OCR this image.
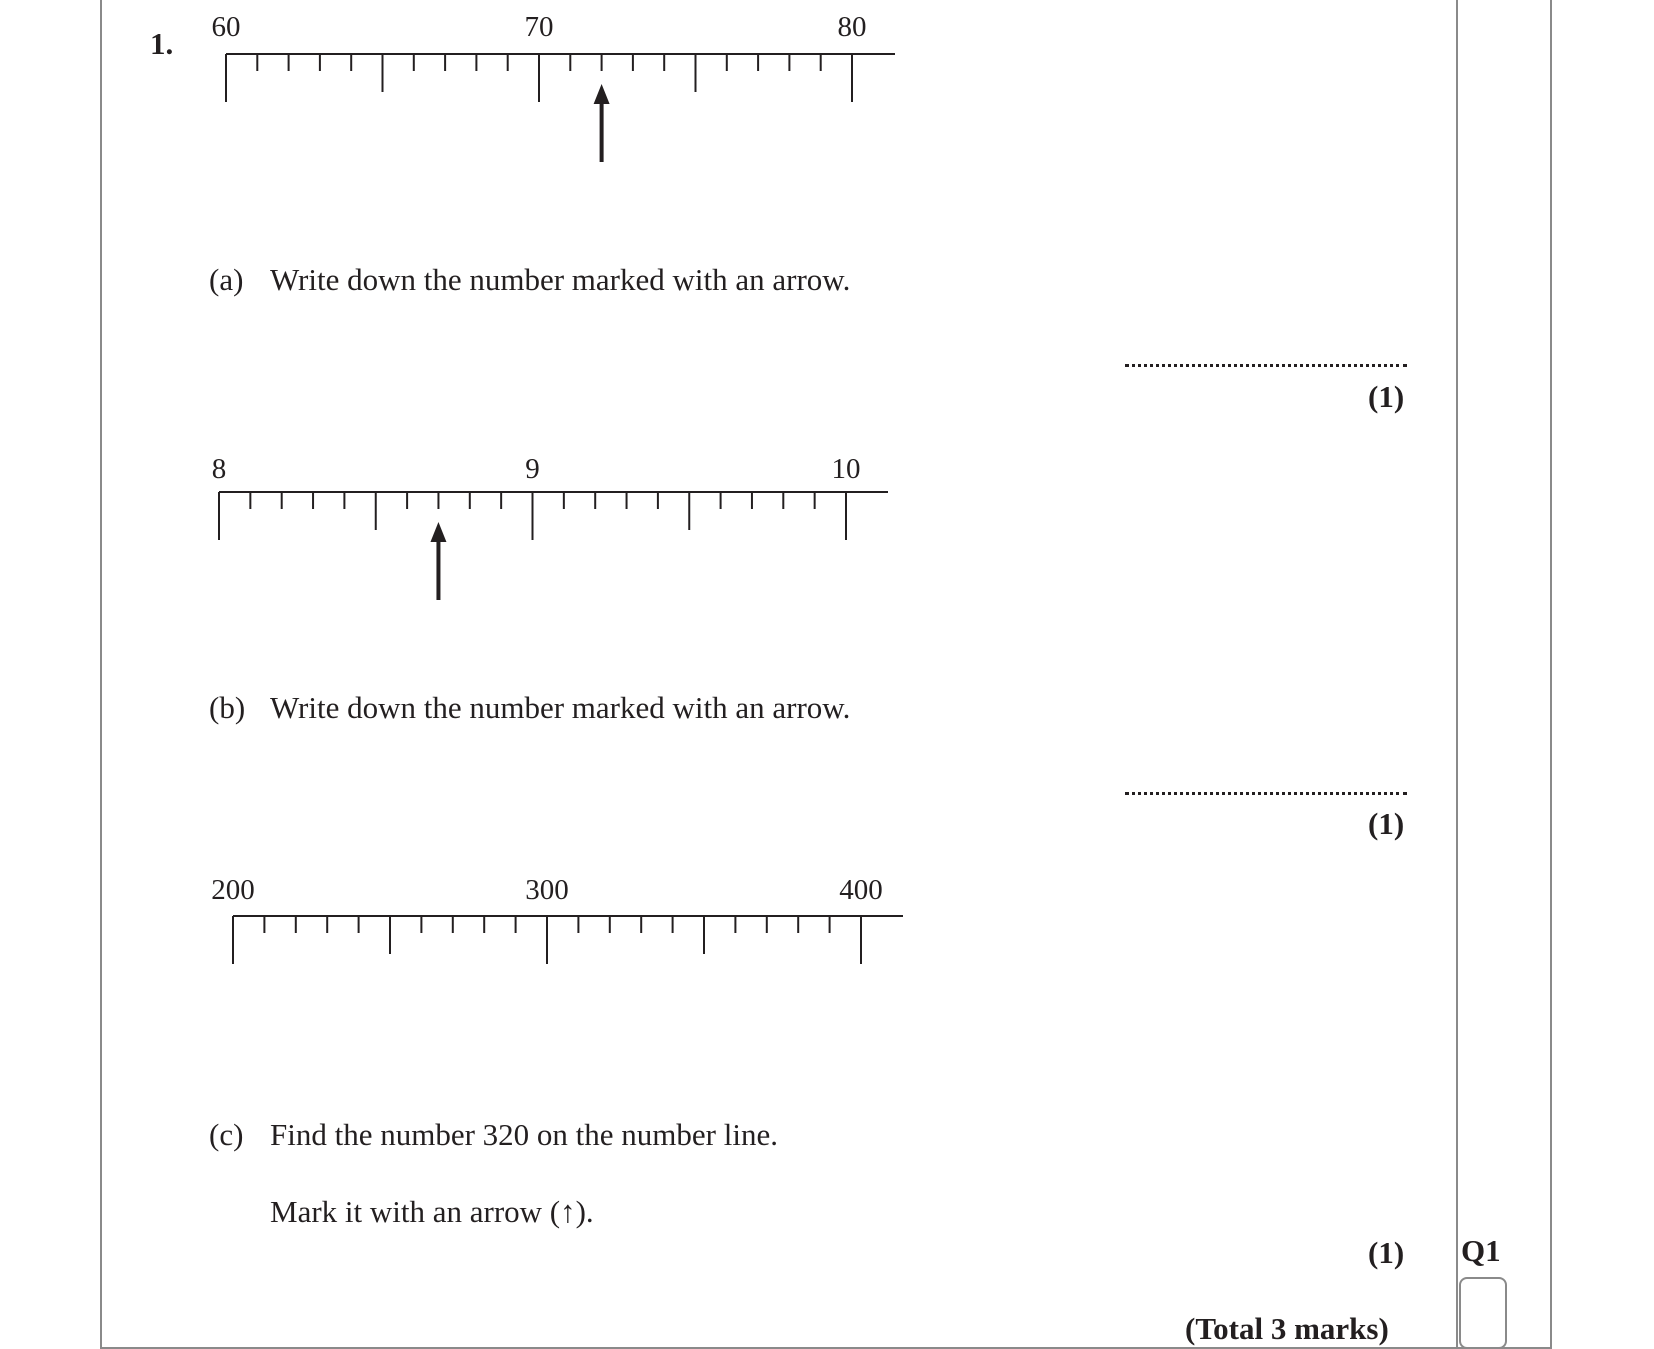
1. 60	70	80
(a) Write down the number marked with an arrow.
(1)
8	9	10
(b) Write down the number marked with an arrow.
(1)
200	300	400
(c) Find the number 320 on the number line.
Mark it with an arrow (↑).
(1) Q1
(Total 3 marks)
